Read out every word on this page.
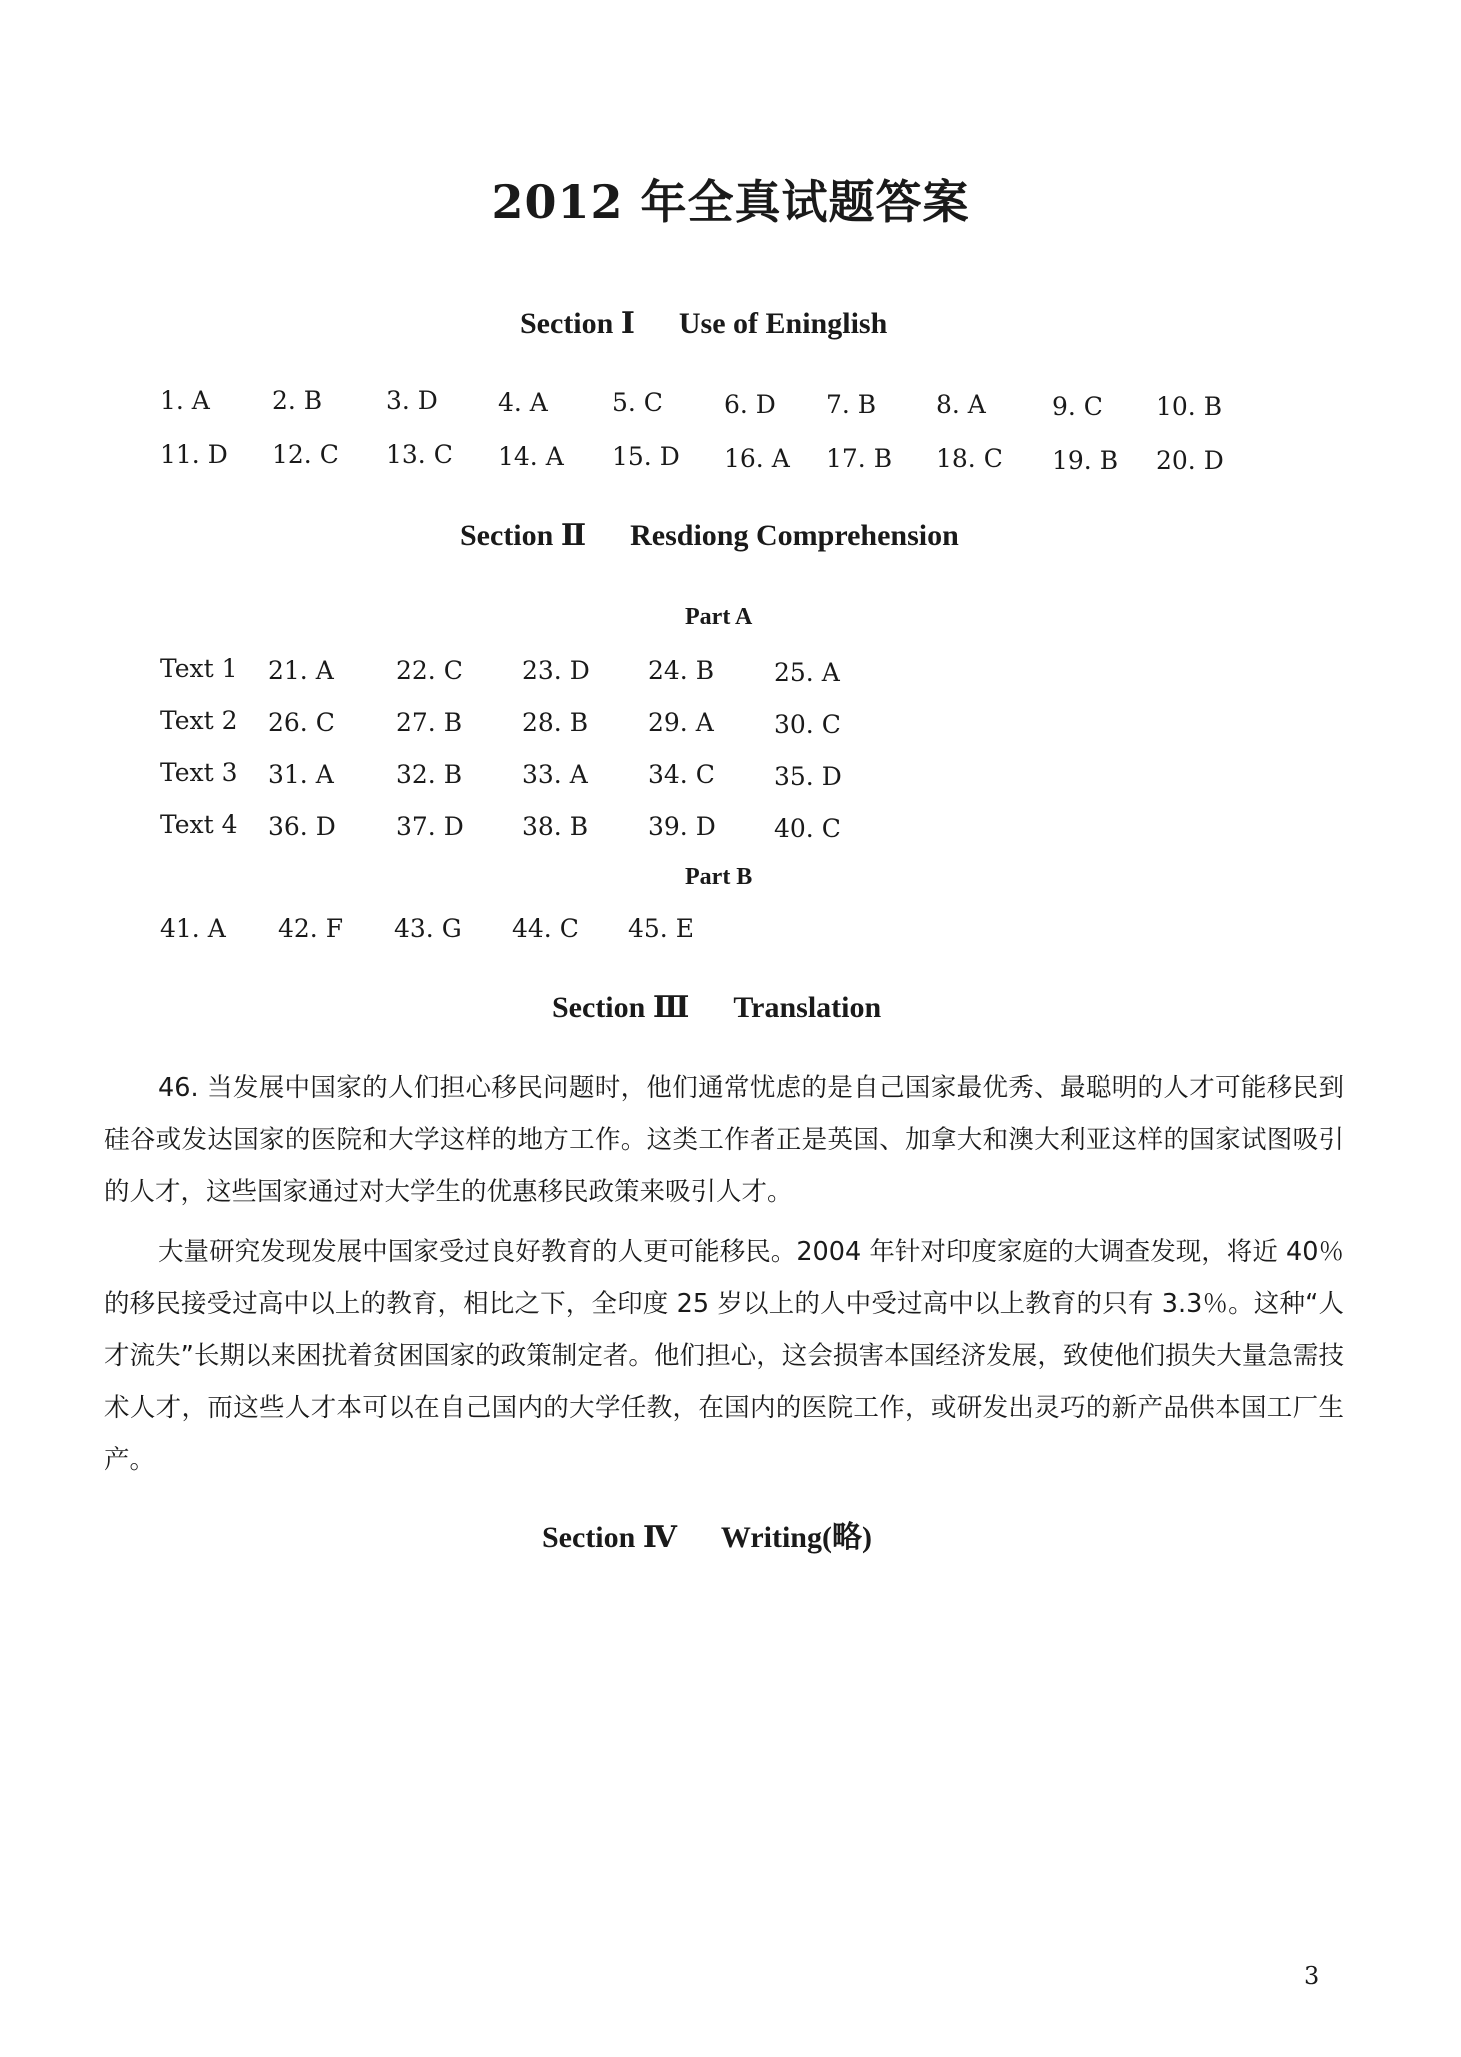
2012 年全真试题答案
Section Ⅰ Use of Eninglish
1. A 2. B	3. D 4. A	5. C 6. D 7. B 8. A	9. C 10. B
11. D 12. C 13. C 14. A 15. D 16. A 17. B 18. C 19. B 20. D
Section Ⅱ Resdiong Comprehension
Part A
Text 1 21. A 22. C 23. D 24. B 25. A
Text 2 26. C 27. B 28. B 29. A 30. C
Text 3 31. A 32. B 33. A 34. C 35. D
Text 4 36. D 37. D 38. B 39. D 40. C
Part B
41. A 42. F 43. G 44. C 45. E
Section Ⅲ Translation

46. 当发展中国家的人们担心移民问题时，他们通常忧虑的是自己国家最优秀、最聪明的人才可能移民到硅谷或发达国家的医院和大学这样的地方工作。这类工作者正是英国、加拿大和澳大利亚这样的国家试图吸引的人才，这些国家通过对大学生的优惠移民政策来吸引人才。

大量研究发现发展中国家受过良好教育的人更可能移民。2004 年针对印度家庭的大调查发现，将近 40％的移民接受过高中以上的教育，相比之下，全印度 25 岁以上的人中受过高中以上教育的只有 3.3％。这种“人才流失”长期以来困扰着贫困国家的政策制定者。他们担心，这会损害本国经济发展，致使他们损失大量急需技术人才，而这些人才本可以在自己国内的大学任教，在国内的医院工作，或研发出灵巧的新产品供本国工厂生产。

Section Ⅳ Writing(略)
3
